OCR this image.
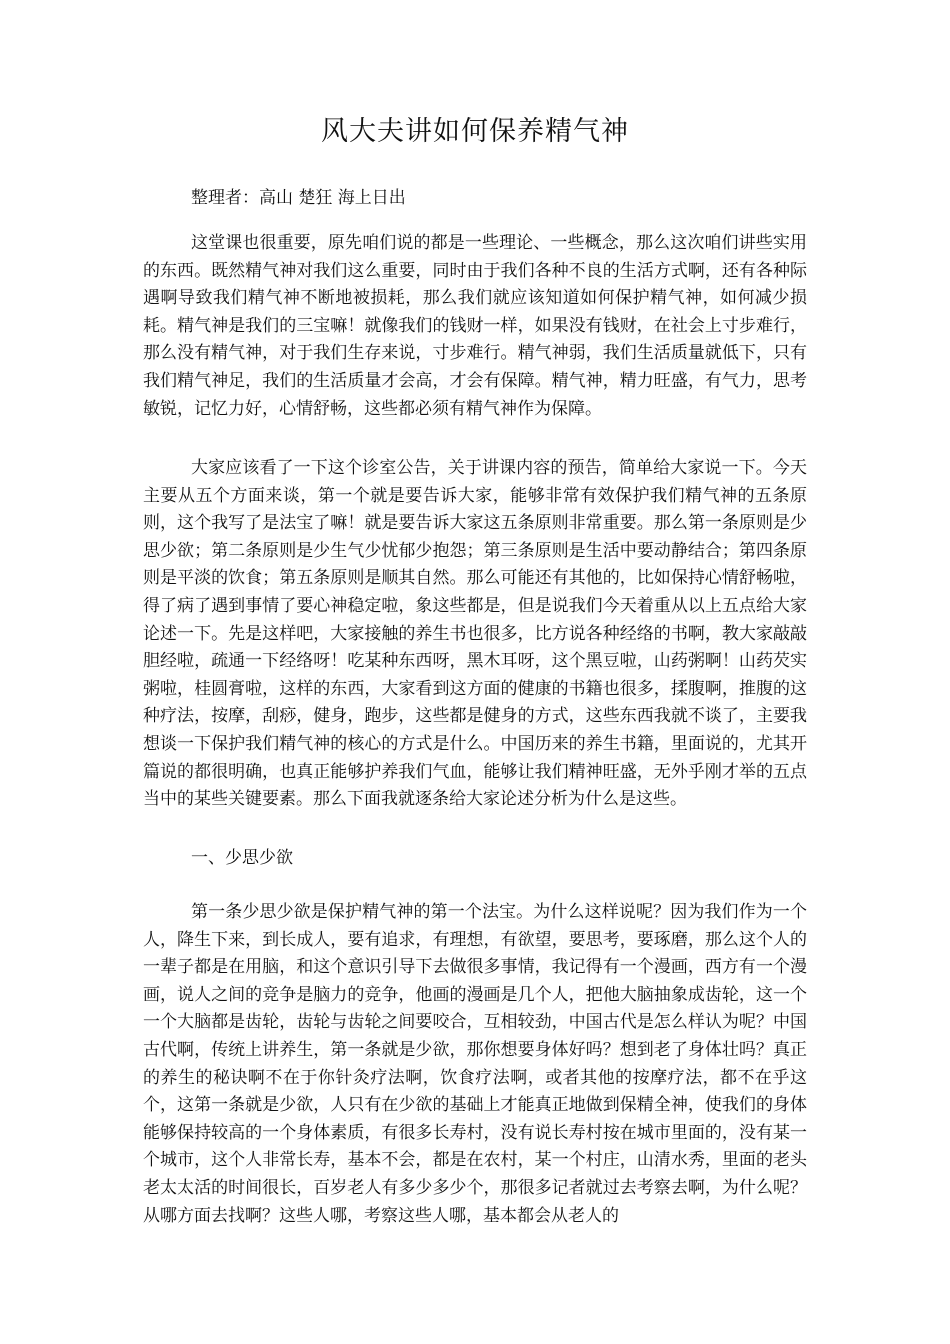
风大夫讲如何保养精气神

整理者：高山 楚狂 海上日出

这堂课也很重要，原先咱们说的都是一些理论、一些概念，那么这次咱们讲些实用的东西。既然精气神对我们这么重要，同时由于我们各种不良的生活方式啊，还有各种际遇啊导致我们精气神不断地被损耗，那么我们就应该知道如何保护精气神，如何减少损耗。精气神是我们的三宝嘛！就像我们的钱财一样，如果没有钱财，在社会上寸步难行，那么没有精气神，对于我们生存来说，寸步难行。精气神弱，我们生活质量就低下，只有我们精气神足，我们的生活质量才会高，才会有保障。精气神，精力旺盛，有气力，思考敏锐，记忆力好，心情舒畅，这些都必须有精气神作为保障。

大家应该看了一下这个诊室公告，关于讲课内容的预告，简单给大家说一下。今天主要从五个方面来谈，第一个就是要告诉大家，能够非常有效保护我们精气神的五条原则，这个我写了是法宝了嘛！就是要告诉大家这五条原则非常重要。那么第一条原则是少思少欲；第二条原则是少生气少忧郁少抱怨；第三条原则是生活中要动静结合；第四条原则是平淡的饮食；第五条原则是顺其自然。那么可能还有其他的，比如保持心情舒畅啦，得了病了遇到事情了要心神稳定啦，象这些都是，但是说我们今天着重从以上五点给大家论述一下。先是这样吧，大家接触的养生书也很多，比方说各种经络的书啊，教大家敲敲胆经啦，疏通一下经络呀！吃某种东西呀，黑木耳呀，这个黑豆啦，山药粥啊！山药芡实粥啦，桂圆膏啦，这样的东西，大家看到这方面的健康的书籍也很多，揉腹啊，推腹的这种疗法，按摩，刮痧，健身，跑步，这些都是健身的方式，这些东西我就不谈了，主要我想谈一下保护我们精气神的核心的方式是什么。中国历来的养生书籍，里面说的，尤其开篇说的都很明确，也真正能够护养我们气血，能够让我们精神旺盛，无外乎刚才举的五点当中的某些关键要素。那么下面我就逐条给大家论述分析为什么是这些。

一、少思少欲

第一条少思少欲是保护精气神的第一个法宝。为什么这样说呢？因为我们作为一个人，降生下来，到长成人，要有追求，有理想，有欲望，要思考，要琢磨，那么这个人的一辈子都是在用脑，和这个意识引导下去做很多事情，我记得有一个漫画，西方有一个漫画，说人之间的竞争是脑力的竞争，他画的漫画是几个人，把他大脑抽象成齿轮，这一个一个大脑都是齿轮，齿轮与齿轮之间要咬合，互相较劲，中国古代是怎么样认为呢？中国古代啊，传统上讲养生，第一条就是少欲，那你想要身体好吗？想到老了身体壮吗？真正的养生的秘诀啊不在于你针灸疗法啊，饮食疗法啊，或者其他的按摩疗法，都不在乎这个，这第一条就是少欲，人只有在少欲的基础上才能真正地做到保精全神，使我们的身体能够保持较高的一个身体素质，有很多长寿村，没有说长寿村按在城市里面的，没有某一个城市，这个人非常长寿，基本不会，都是在农村，某一个村庄，山清水秀，里面的老头老太太活的时间很长，百岁老人有多少多少个，那很多记者就过去考察去啊，为什么呢？从哪方面去找啊？这些人哪，考察这些人哪，基本都会从老人的
